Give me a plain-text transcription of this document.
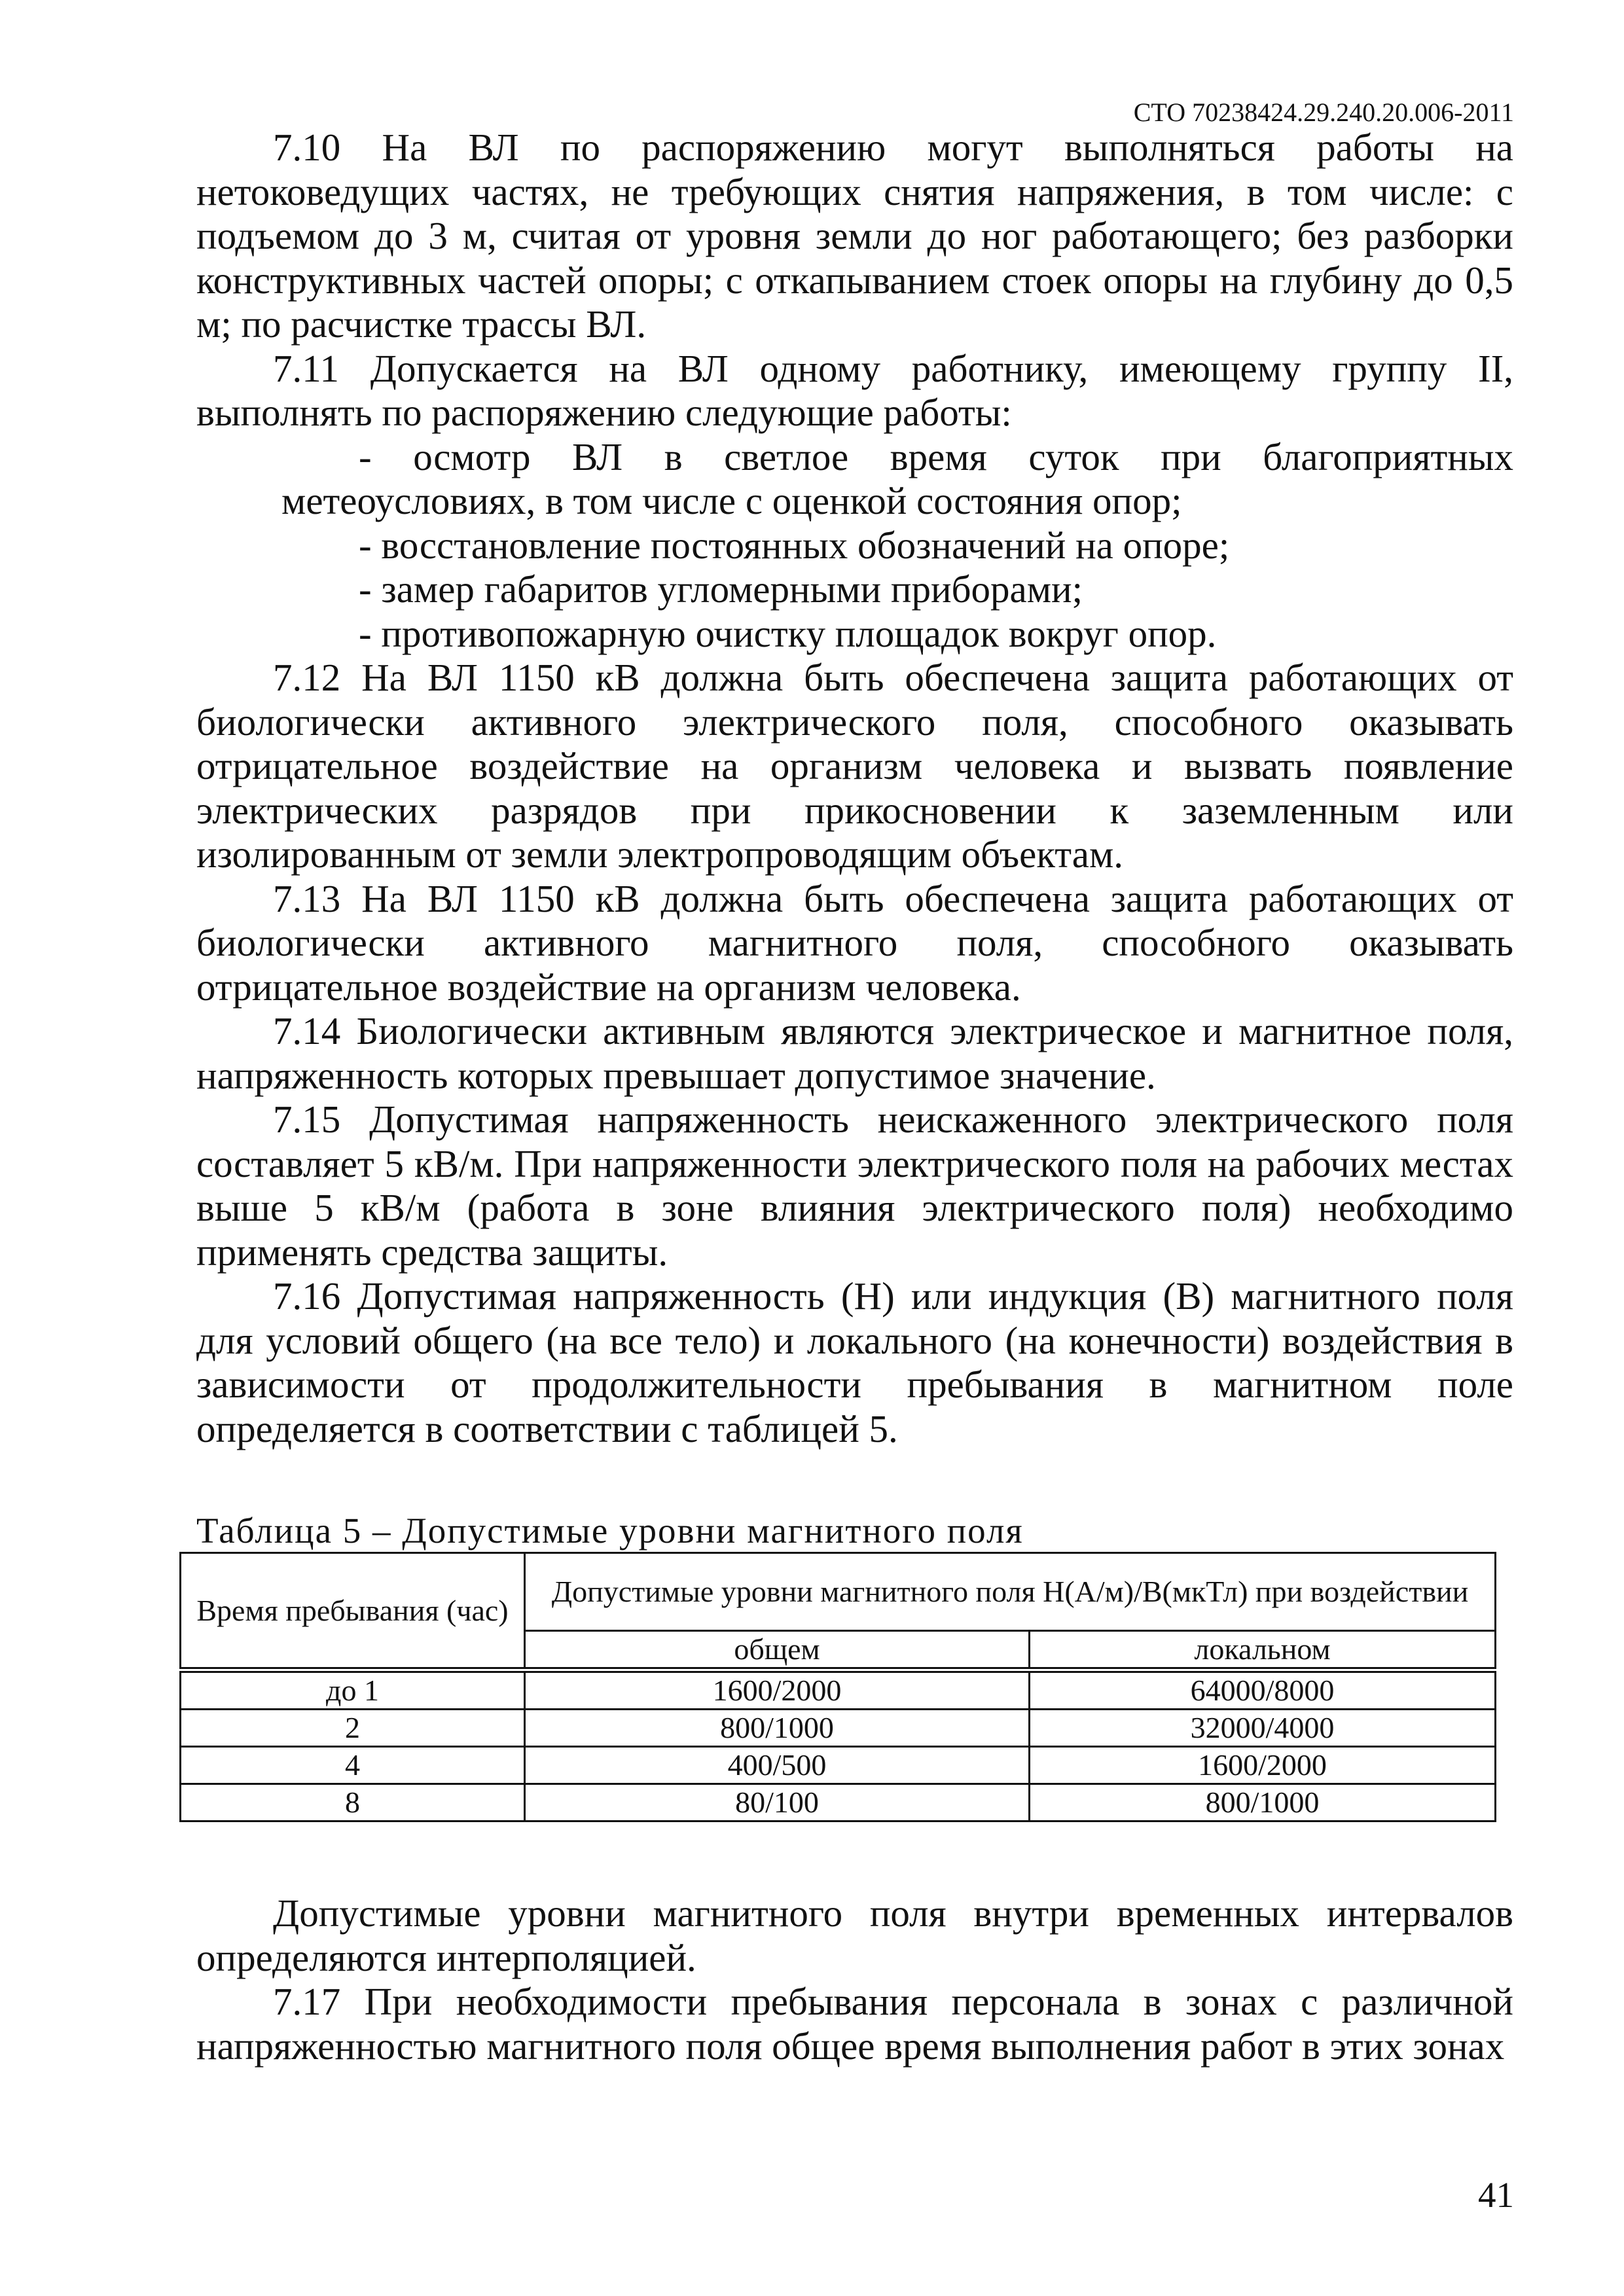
СТО 70238424.29.240.20.006-2011

7.10 На ВЛ по распоряжению могут выполняться работы на нетоковедущих частях, не требующих снятия напряжения, в том числе: с подъемом до 3 м, считая от уровня земли до ног работающего; без разборки конструктивных частей опоры; с откапыванием стоек опоры на глубину до 0,5 м; по расчистке трассы ВЛ.

7.11 Допускается на ВЛ одному работнику, имеющему группу II, выполнять по распоряжению следующие работы:

- осмотр ВЛ в светлое время суток при благоприятных метеоусловиях, в том числе с оценкой состояния опор;
- восстановление постоянных обозначений на опоре;
- замер габаритов угломерными приборами;
- противопожарную очистку площадок вокруг опор.

7.12 На ВЛ 1150 кВ должна быть обеспечена защита работающих от биологически активного электрического поля, способного оказывать отрицательное воздействие на организм человека и вызвать появление электрических разрядов при прикосновении к заземленным или изолированным от земли электропроводящим объектам.

7.13 На ВЛ 1150 кВ должна быть обеспечена защита работающих от биологически активного магнитного поля, способного оказывать отрицательное воздействие на организм человека.

7.14 Биологически активным являются электрическое и магнитное поля, напряженность которых превышает допустимое значение.

7.15 Допустимая напряженность неискаженного электрического поля составляет 5 кВ/м. При напряженности электрического поля на рабочих местах выше 5 кВ/м (работа в зоне влияния электрического поля) необходимо применять средства защиты.

7.16 Допустимая напряженность (Н) или индукция (В) магнитного поля для условий общего (на все тело) и локального (на конечности) воздействия в зависимости от продолжительности пребывания в магнитном поле определяется в соответствии с таблицей 5.

Таблица 5 – Допустимые уровни магнитного поля

Время пребывания (час)	Допустимые уровни магнитного поля Н(А/м)/В(мкТл) при воздействии	
	общем	локальном
до 1	1600/2000	64000/8000
2	800/1000	32000/4000
4	400/500	1600/2000
8	80/100	800/1000

Допустимые уровни магнитного поля внутри временных интервалов определяются интерполяцией.

7.17 При необходимости пребывания персонала в зонах с различной напряженностью магнитного поля общее время выполнения работ в этих зонах

41
